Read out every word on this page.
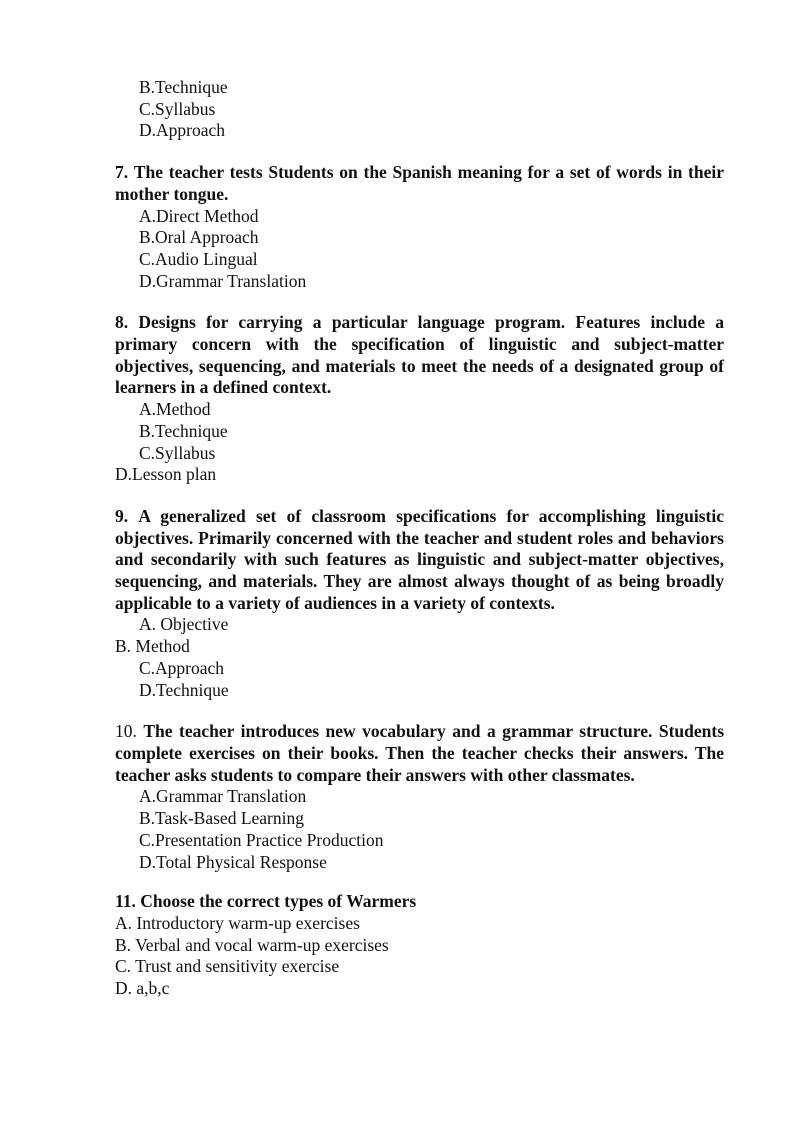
B.Technique
C.Syllabus
D.Approach
7. The teacher tests Students on the Spanish meaning for a set of words in their mother tongue.
A.Direct Method
B.Oral Approach
C.Audio Lingual
D.Grammar Translation
8. Designs for carrying a particular language program. Features include a primary concern with the specification of linguistic and subject-matter objectives, sequencing, and materials to meet the needs of a designated group of learners in a defined context.
A.Method
B.Technique
C.Syllabus
D.Lesson plan
9. A generalized set of classroom specifications for accomplishing linguistic objectives. Primarily concerned with the teacher and student roles and behaviors and secondarily with such features as linguistic and subject-matter objectives, sequencing, and materials. They are almost always thought of as being broadly applicable to a variety of audiences in a variety of contexts.
A. Objective
B. Method
C.Approach
D.Technique
10. The teacher introduces new vocabulary and a grammar structure. Students complete exercises on their books. Then the teacher checks their answers. The teacher asks students to compare their answers with other classmates.
A.Grammar Translation
B.Task-Based Learning
C.Presentation Practice Production
D.Total Physical Response
11. Choose the correct types of Warmers
A. Introductory warm-up exercises
B. Verbal and vocal warm-up exercises
C. Trust and sensitivity exercise
D. a,b,c
